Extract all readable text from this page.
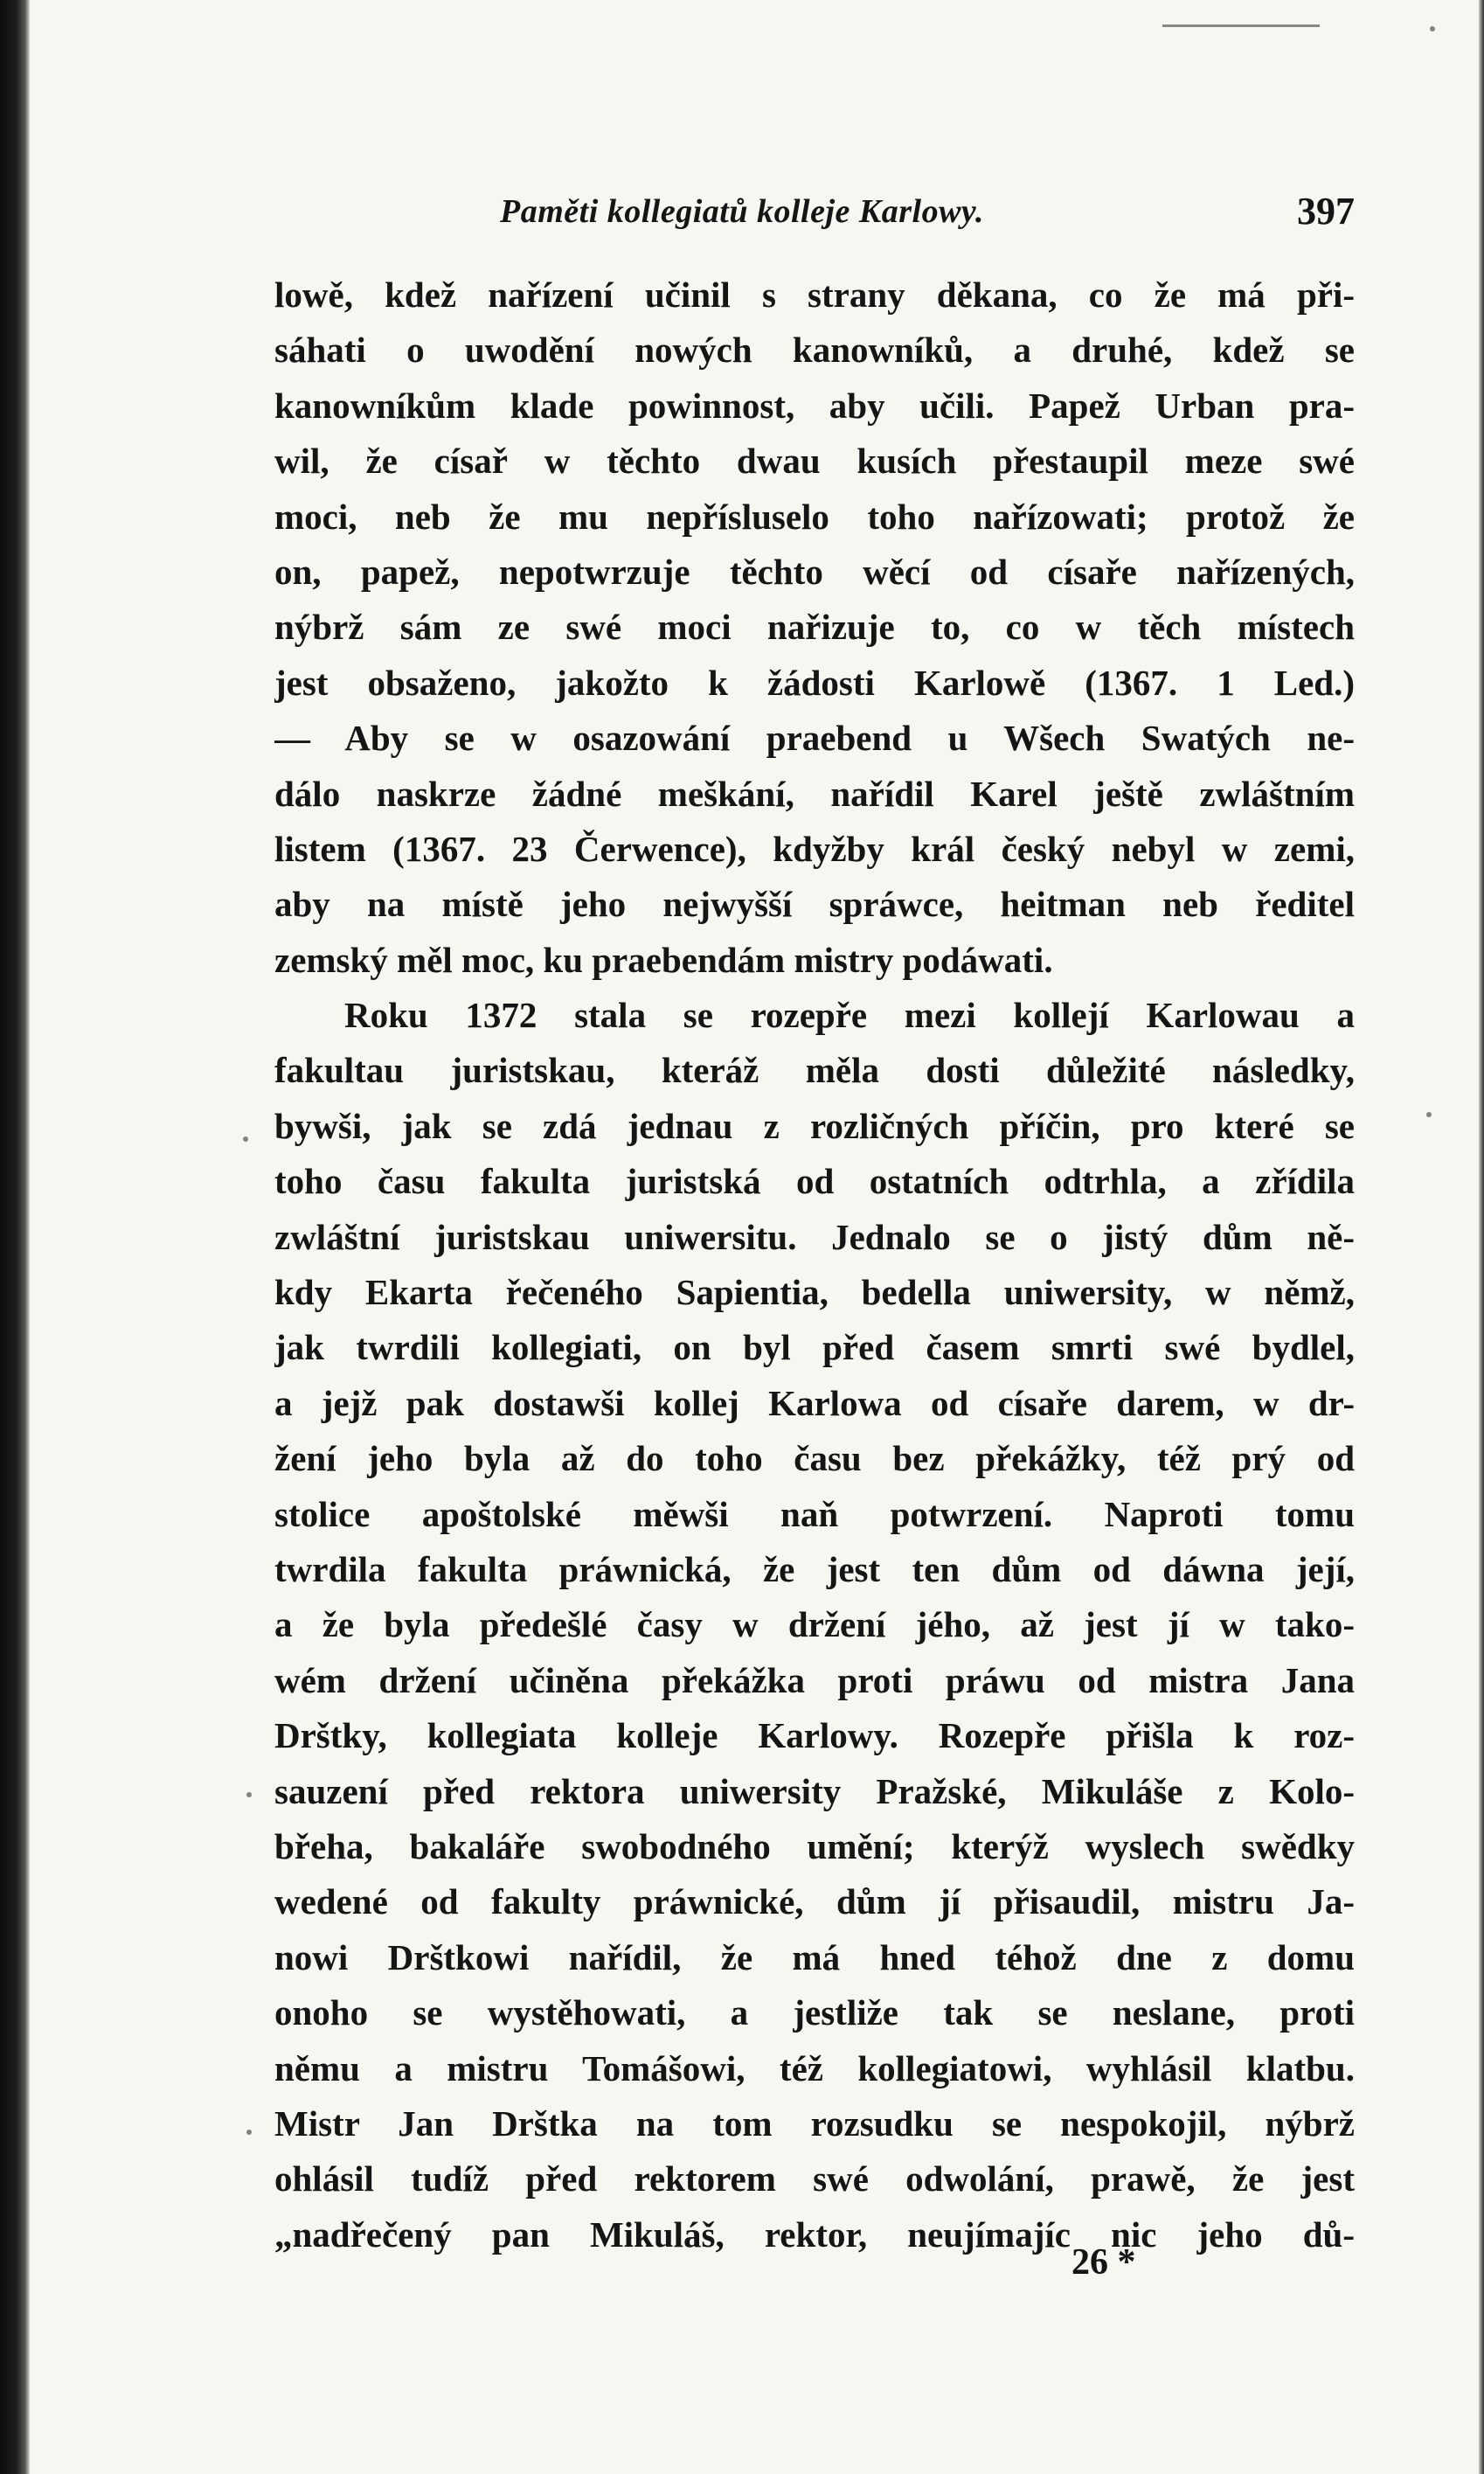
Paměti kollegiatů kolleje Karlowy.	397
lowě, kdež nařízení učinil s strany děkana, co že má při-
sáhati o uwodění nowých kanowníků, a druhé, kdež se
kanowníkům klade powinnost, aby učili. Papež Urban pra-
wil, že císař w těchto dwau kusích přestaupil meze swé
moci, neb že mu nepřísluselo toho nařízowati; protož že
on, papež, nepotwrzuje těchto wěcí od císaře nařízených,
nýbrž sám ze swé moci nařizuje to, co w těch místech
jest obsaženo, jakožto k žádosti Karlowě (1367. 1 Led.)
— Aby se w osazowání praebend u Wšech Swatých ne-
dálo naskrze žádné meškání, nařídil Karel ještě zwláštním
listem (1367. 23 Čerwence), kdyžby král český nebyl w zemi,
aby na místě jeho nejwyšší spráwce, heitman neb ředitel
zemský měl moc, ku praebendám mistry podáwati.
Roku 1372 stala se rozepře mezi kollejí Karlowau a
fakultau juristskau, kteráž měla dosti důležité následky,
bywši, jak se zdá jednau z rozličných příčin, pro které se
toho času fakulta juristská od ostatních odtrhla, a zřídila
zwláštní juristskau uniwersitu. Jednalo se o jistý dům ně-
kdy Ekarta řečeného Sapientia, bedella uniwersity, w němž,
jak twrdili kollegiati, on byl před časem smrti swé bydlel,
a jejž pak dostawši kollej Karlowa od císaře darem, w dr-
žení jeho byla až do toho času bez překážky, též prý od
stolice apoštolské měwši naň potwrzení. Naproti tomu
twrdila fakulta práwnická, že jest ten dům od dáwna její,
a že byla předešlé časy w držení jého, až jest jí w tako-
wém držení učiněna překážka proti práwu od mistra Jana
Drštky, kollegiata kolleje Karlowy. Rozepře přišla k roz-
sauzení před rektora uniwersity Pražské, Mikuláše z Kolo-
břeha, bakaláře swobodného umění; kterýž wyslech swědky
wedené od fakulty práwnické, dům jí přisaudil, mistru Ja-
nowi Drštkowi nařídil, že má hned téhož dne z domu
onoho se wystěhowati, a jestliže tak se neslane, proti
němu a mistru Tomášowi, též kollegiatowi, wyhlásil klatbu.
Mistr Jan Drštka na tom rozsudku se nespokojil, nýbrž
ohlásil tudíž před rektorem swé odwolání, prawě, že jest
„nadřečený pan Mikuláš, rektor, neujímajíc nic jeho dů-
26 *
